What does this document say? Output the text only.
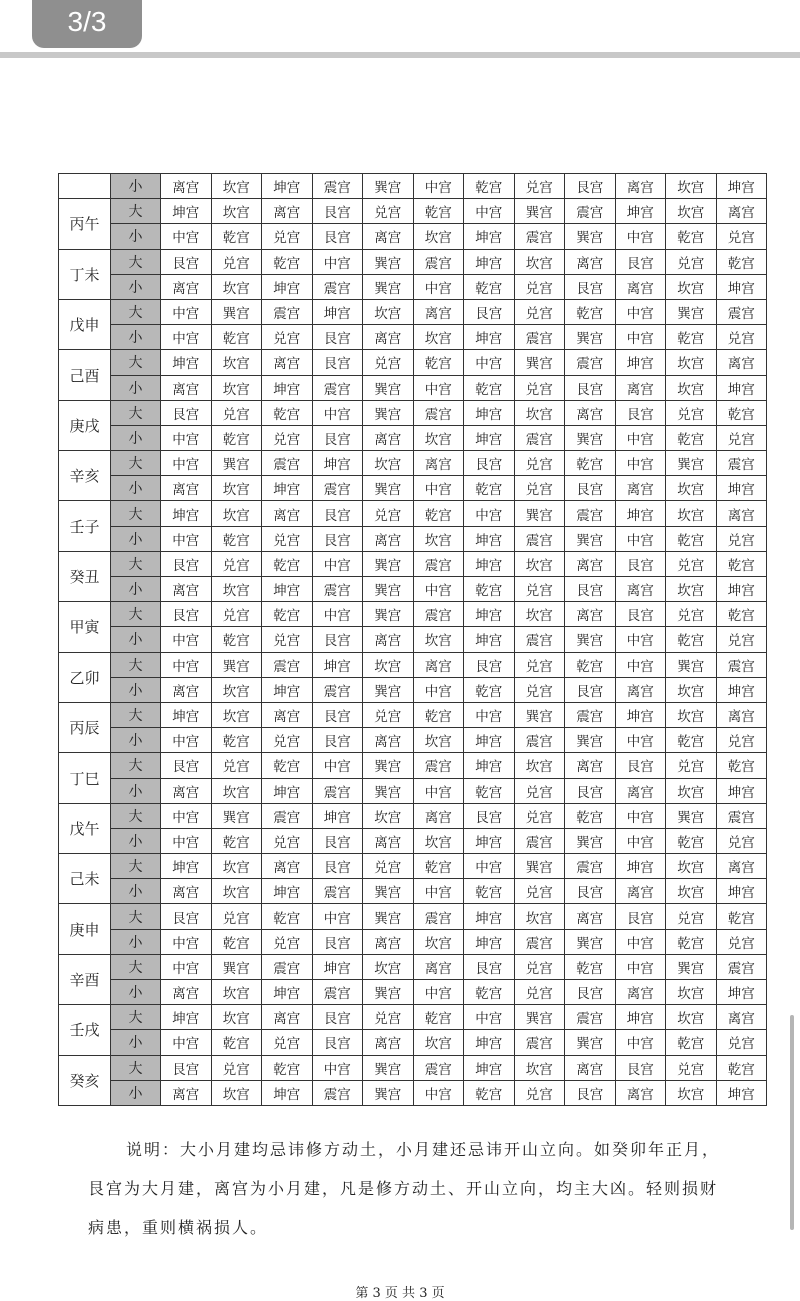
3/3
	小	离宫	坎宫	坤宫	震宫	巽宫	中宫	乾宫	兑宫	艮宫	离宫	坎宫	坤宫
丙午	大	坤宫	坎宫	离宫	艮宫	兑宫	乾宫	中宫	巽宫	震宫	坤宫	坎宫	离宫
	小	中宫	乾宫	兑宫	艮宫	离宫	坎宫	坤宫	震宫	巽宫	中宫	乾宫	兑宫
丁未	大	艮宫	兑宫	乾宫	中宫	巽宫	震宫	坤宫	坎宫	离宫	艮宫	兑宫	乾宫
	小	离宫	坎宫	坤宫	震宫	巽宫	中宫	乾宫	兑宫	艮宫	离宫	坎宫	坤宫
戊申	大	中宫	巽宫	震宫	坤宫	坎宫	离宫	艮宫	兑宫	乾宫	中宫	巽宫	震宫
	小	中宫	乾宫	兑宫	艮宫	离宫	坎宫	坤宫	震宫	巽宫	中宫	乾宫	兑宫
己酉	大	坤宫	坎宫	离宫	艮宫	兑宫	乾宫	中宫	巽宫	震宫	坤宫	坎宫	离宫
	小	离宫	坎宫	坤宫	震宫	巽宫	中宫	乾宫	兑宫	艮宫	离宫	坎宫	坤宫
庚戌	大	艮宫	兑宫	乾宫	中宫	巽宫	震宫	坤宫	坎宫	离宫	艮宫	兑宫	乾宫
	小	中宫	乾宫	兑宫	艮宫	离宫	坎宫	坤宫	震宫	巽宫	中宫	乾宫	兑宫
辛亥	大	中宫	巽宫	震宫	坤宫	坎宫	离宫	艮宫	兑宫	乾宫	中宫	巽宫	震宫
	小	离宫	坎宫	坤宫	震宫	巽宫	中宫	乾宫	兑宫	艮宫	离宫	坎宫	坤宫
壬子	大	坤宫	坎宫	离宫	艮宫	兑宫	乾宫	中宫	巽宫	震宫	坤宫	坎宫	离宫
	小	中宫	乾宫	兑宫	艮宫	离宫	坎宫	坤宫	震宫	巽宫	中宫	乾宫	兑宫
癸丑	大	艮宫	兑宫	乾宫	中宫	巽宫	震宫	坤宫	坎宫	离宫	艮宫	兑宫	乾宫
	小	离宫	坎宫	坤宫	震宫	巽宫	中宫	乾宫	兑宫	艮宫	离宫	坎宫	坤宫
甲寅	大	艮宫	兑宫	乾宫	中宫	巽宫	震宫	坤宫	坎宫	离宫	艮宫	兑宫	乾宫
	小	中宫	乾宫	兑宫	艮宫	离宫	坎宫	坤宫	震宫	巽宫	中宫	乾宫	兑宫
乙卯	大	中宫	巽宫	震宫	坤宫	坎宫	离宫	艮宫	兑宫	乾宫	中宫	巽宫	震宫
	小	离宫	坎宫	坤宫	震宫	巽宫	中宫	乾宫	兑宫	艮宫	离宫	坎宫	坤宫
丙辰	大	坤宫	坎宫	离宫	艮宫	兑宫	乾宫	中宫	巽宫	震宫	坤宫	坎宫	离宫
	小	中宫	乾宫	兑宫	艮宫	离宫	坎宫	坤宫	震宫	巽宫	中宫	乾宫	兑宫
丁巳	大	艮宫	兑宫	乾宫	中宫	巽宫	震宫	坤宫	坎宫	离宫	艮宫	兑宫	乾宫
	小	离宫	坎宫	坤宫	震宫	巽宫	中宫	乾宫	兑宫	艮宫	离宫	坎宫	坤宫
戊午	大	中宫	巽宫	震宫	坤宫	坎宫	离宫	艮宫	兑宫	乾宫	中宫	巽宫	震宫
	小	中宫	乾宫	兑宫	艮宫	离宫	坎宫	坤宫	震宫	巽宫	中宫	乾宫	兑宫
己未	大	坤宫	坎宫	离宫	艮宫	兑宫	乾宫	中宫	巽宫	震宫	坤宫	坎宫	离宫
	小	离宫	坎宫	坤宫	震宫	巽宫	中宫	乾宫	兑宫	艮宫	离宫	坎宫	坤宫
庚申	大	艮宫	兑宫	乾宫	中宫	巽宫	震宫	坤宫	坎宫	离宫	艮宫	兑宫	乾宫
	小	中宫	乾宫	兑宫	艮宫	离宫	坎宫	坤宫	震宫	巽宫	中宫	乾宫	兑宫
辛酉	大	中宫	巽宫	震宫	坤宫	坎宫	离宫	艮宫	兑宫	乾宫	中宫	巽宫	震宫
	小	离宫	坎宫	坤宫	震宫	巽宫	中宫	乾宫	兑宫	艮宫	离宫	坎宫	坤宫
壬戌	大	坤宫	坎宫	离宫	艮宫	兑宫	乾宫	中宫	巽宫	震宫	坤宫	坎宫	离宫
	小	中宫	乾宫	兑宫	艮宫	离宫	坎宫	坤宫	震宫	巽宫	中宫	乾宫	兑宫
癸亥	大	艮宫	兑宫	乾宫	中宫	巽宫	震宫	坤宫	坎宫	离宫	艮宫	兑宫	乾宫
	小	离宫	坎宫	坤宫	震宫	巽宫	中宫	乾宫	兑宫	艮宫	离宫	坎宫	坤宫
说明：大小月建均忌讳修方动土，小月建还忌讳开山立向。如癸卯年正月，
艮宫为大月建，离宫为小月建，凡是修方动土、开山立向，均主大凶。轻则损财
病患，重则横祸损人。
第 3 页 共 3 页
